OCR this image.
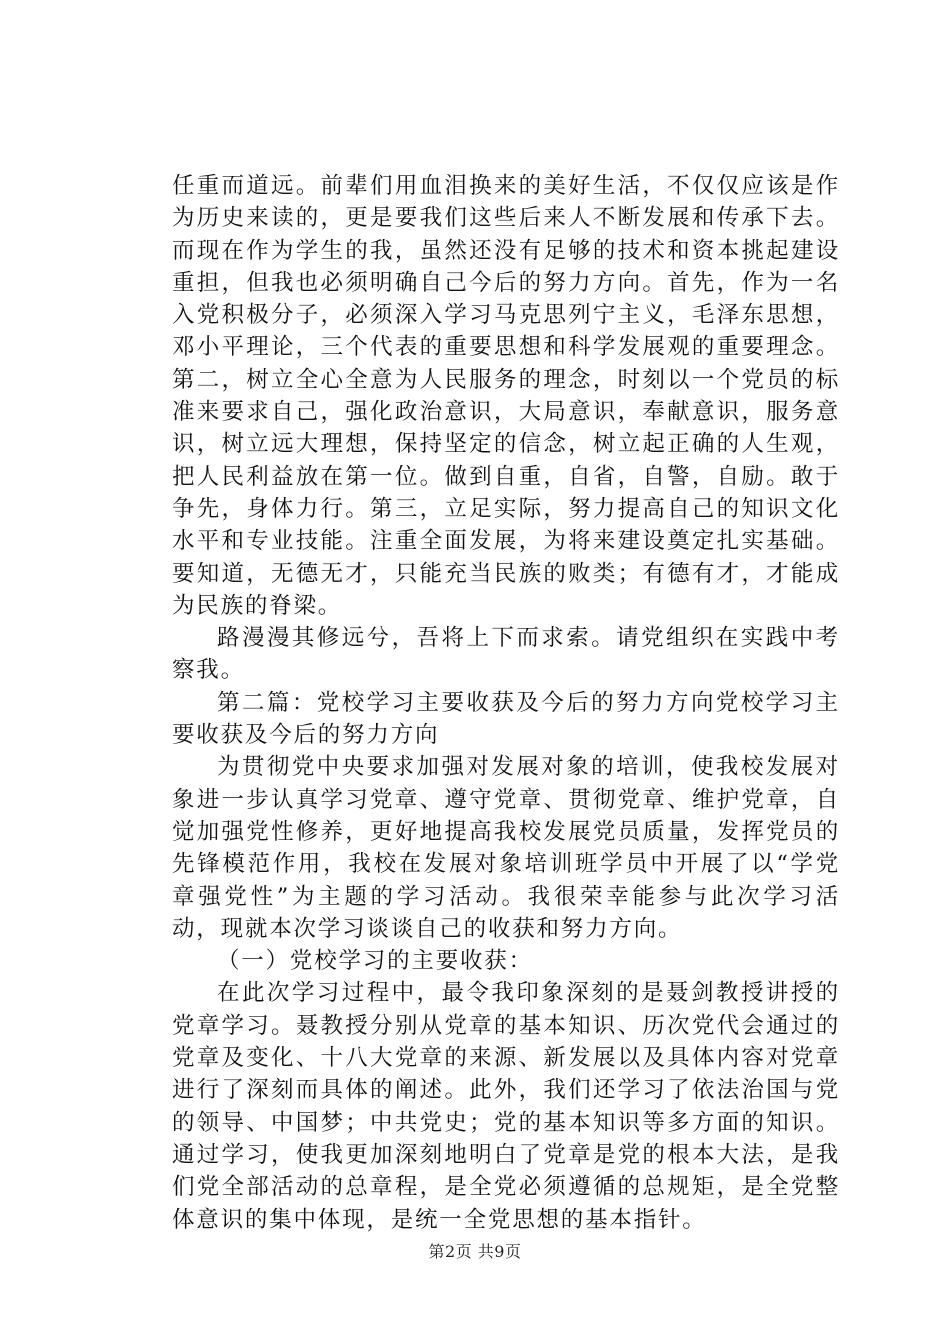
任重而道远。前辈们用血泪换来的美好生活，不仅仅应该是作为历史来读的，更是要我们这些后来人不断发展和传承下去。而现在作为学生的我，虽然还没有足够的技术和资本挑起建设重担，但我也必须明确自己今后的努力方向。首先，作为一名入党积极分子，必须深入学习马克思列宁主义，毛泽东思想，邓小平理论，三个代表的重要思想和科学发展观的重要理念。第二，树立全心全意为人民服务的理念，时刻以一个党员的标准来要求自己，强化政治意识，大局意识，奉献意识，服务意识，树立远大理想，保持坚定的信念，树立起正确的人生观，把人民利益放在第一位。做到自重，自省，自警，自励。敢于争先，身体力行。第三，立足实际，努力提高自己的知识文化水平和专业技能。注重全面发展，为将来建设奠定扎实基础。要知道，无德无才，只能充当民族的败类；有德有才，才能成为民族的脊梁。

路漫漫其修远兮，吾将上下而求索。请党组织在实践中考察我。

第二篇：党校学习主要收获及今后的努力方向党校学习主要收获及今后的努力方向

为贯彻党中央要求加强对发展对象的培训，使我校发展对象进一步认真学习党章、遵守党章、贯彻党章、维护党章，自觉加强党性修养，更好地提高我校发展党员质量，发挥党员的先锋模范作用，我校在发展对象培训班学员中开展了以“学党章强党性”为主题的学习活动。我很荣幸能参与此次学习活动，现就本次学习谈谈自己的收获和努力方向。

（一）党校学习的主要收获：

在此次学习过程中，最令我印象深刻的是聂剑教授讲授的党章学习。聂教授分别从党章的基本知识、历次党代会通过的党章及变化、十八大党章的来源、新发展以及具体内容对党章进行了深刻而具体的阐述。此外，我们还学习了依法治国与党的领导、中国梦；中共党史；党的基本知识等多方面的知识。通过学习，使我更加深刻地明白了党章是党的根本大法，是我们党全部活动的总章程，是全党必须遵循的总规矩，是全党整体意识的集中体现，是统一全党思想的基本指针。

第2页 共9页
